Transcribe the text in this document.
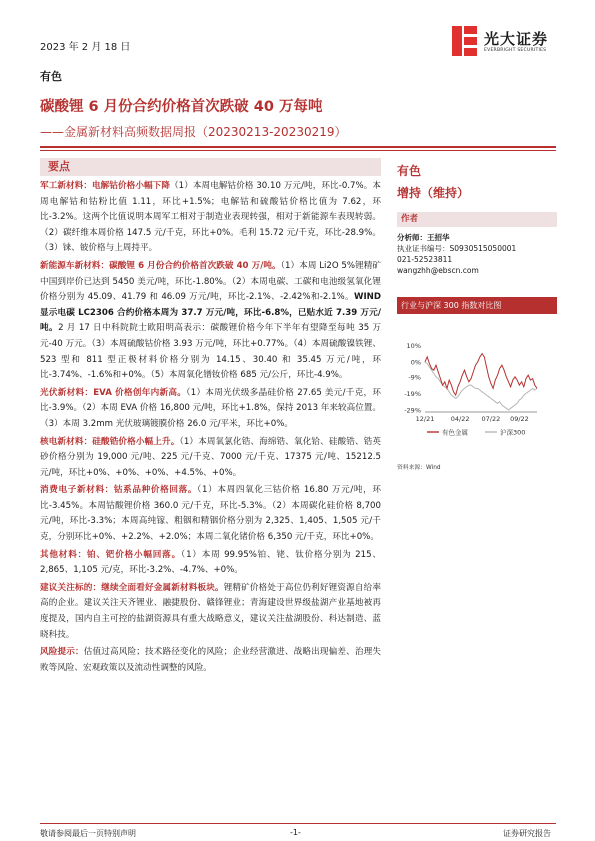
2023 年 2 月 18 日	光大证券
EVERBRIGHT SECURITIES
有色
碳酸锂 6 月份合约价格首次跌破 40 万每吨
——金属新材料高频数据周报（20230213-20230219）
要点

军工新材料：电解钴价格小幅下降（1）本周电解钴价格 30.10 万元/吨，环比-0.7%。本周电解钴和钴粉比值 1.11，环比+1.5%；电解钴和硫酸钴价格比值为 7.62，环比-3.2%。这两个比值说明本周军工相对于制造业表现转强，相对于新能源车表现转弱。（2）碳纤维本周价格 147.5 元/千克，环比+0%。毛利 15.72 元/千克，环比-28.9%。（3）铼、铍价格与上周持平。

新能源车新材料：碳酸锂 6 月份合约价格首次跌破 40 万/吨。（1）本周 Li2O 5%锂精矿中国到岸价已达到 5450 美元/吨，环比-1.80%。（2）本周电碳、工碳和电池级氢氧化锂价格分别为 45.09、41.79 和 46.09 万元/吨，环比-2.1%、-2.42%和-2.1%。WIND 显示电碳 LC2306 合约价格本周为 37.7 万元/吨，环比-6.8%，已贴水近 7.39 万元/吨。2 月 17 日中科院院士欧阳明高表示：碳酸锂价格今年下半年有望降至每吨 35 万元-40 万元。（3）本周硫酸钴价格 3.93 万元/吨，环比+0.77%。（4）本周硫酸镍铁锂、523 型和 811 型正极材料价格分别为 14.15、30.40 和 35.45 万元/吨，环比-3.74%、-1.6%和+0%。（5）本周氧化镨钕价格 685 元/公斤，环比-4.9%。

光伏新材料：EVA 价格创年内新高。（1）本周光伏级多晶硅价格 27.65 美元/千克，环比-3.9%。（2）本周 EVA 价格 16,800 元/吨，环比+1.8%，保持 2013 年来较高位置。（3）本周 3.2mm 光伏玻璃镀膜价格 26.0 元/平米，环比+0%。

核电新材料：硅酸锆价格小幅上升。（1）本周氧氯化锆、海绵锆、氧化铪、硅酸锆、锆英砂价格分别为 19,000 元/吨、225 元/千克、7000 元/千克、17375 元/吨、15212.5 元/吨，环比+0%、+0%、+0%、+4.5%、+0%。

消费电子新材料：钴系品种价格回落。（1）本周四氧化三钴价格 16.80 万元/吨，环比-3.45%。本周钴酸锂价格 360.0 元/千克，环比-5.3%。（2）本周碳化硅价格 8,700 元/吨，环比-3.3%；本周高纯镓、粗铟和精铟价格分别为 2,325、1,405、1,505 元/千克，分别环比+0%、+2.2%、+2.0%；本周二氧化锗价格 6,350 元/千克，环比+0%。

其他材料：铂、钯价格小幅回落。（1）本周 99.95%铂、铑、钛价格分别为 215、2,865、1,105 元/克，环比-3.2%、-4.7%、+0%。

建议关注标的：继续全面看好金属新材料板块。锂精矿价格处于高位仍利好锂资源自给率高的企业。建议关注天齐锂业、融捷股份、赣锋锂业；青海建设世界级盐湖产业基地被再度提及，国内自主可控的盐湖资源具有重大战略意义，建议关注盐湖股份、科达制造、蓝晓科技。

风险提示：估值过高风险；技术路径变化的风险；企业经营激进、战略出现偏差、治理失败等风险、宏观政策以及流动性调整的风险。

有色
增持（维持）
作者
分析师：王招华
执业证书编号：S0930515050001
021-52523811
wangzhh@ebscn.com
行业与沪深 300 指数对比图
10%
0%
-9%
-19%
-29%
12/21	04/22 07/22 09/22
有色金属	沪深300
资料来源：Wind
敬请参阅最后一页特别声明	-1-	证券研究报告
